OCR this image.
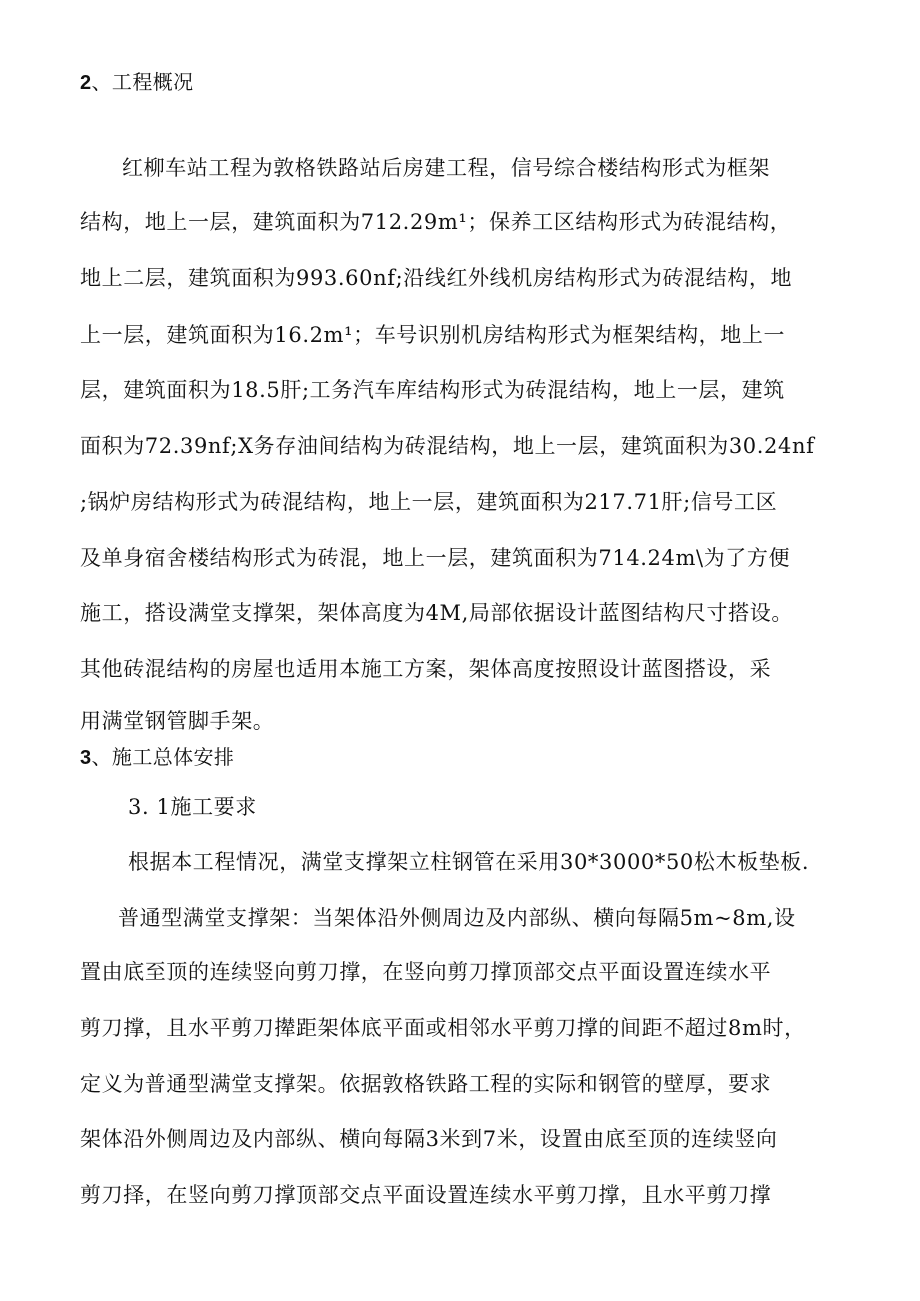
2、工程概况
红柳车站工程为敦格铁路站后房建工程，信号综合楼结构形式为框架
结构，地上一层，建筑面积为712.29m¹；保养工区结构形式为砖混结构，
地上二层，建筑面积为993.60nf;沿线红外线机房结构形式为砖混结构，地
上一层，建筑面积为16.2m¹；车号识别机房结构形式为框架结构，地上一
层，建筑面积为18.5肝;工务汽车库结构形式为砖混结构，地上一层，建筑
面积为72.39nf;X务存油间结构为砖混结构，地上一层，建筑面积为30.24nf
;锅炉房结构形式为砖混结构，地上一层，建筑面积为217.71肝;信号工区
及单身宿舍楼结构形式为砖混，地上一层，建筑面积为714.24m\为了方便
施工，搭设满堂支撑架，架体高度为4M,局部依据设计蓝图结构尺寸搭设。
其他砖混结构的房屋也适用本施工方案，架体高度按照设计蓝图搭设，采
用满堂钢管脚手架。
3、施工总体安排
3. 1施工要求
根据本工程情况，满堂支撑架立柱钢管在采用30*3000*50松木板垫板.
普通型满堂支撑架：当架体沿外侧周边及内部纵、横向每隔5m~8m,设
置由底至顶的连续竖向剪刀撑，在竖向剪刀撑顶部交点平面设置连续水平
剪刀撑，且水平剪刀撵距架体底平面或相邻水平剪刀撑的间距不超过8m时，
定义为普通型满堂支撑架。依据敦格铁路工程的实际和钢管的壁厚，要求
架体沿外侧周边及内部纵、横向每隔3米到7米，设置由底至顶的连续竖向
剪刀择，在竖向剪刀撑顶部交点平面设置连续水平剪刀撑，且水平剪刀撑
